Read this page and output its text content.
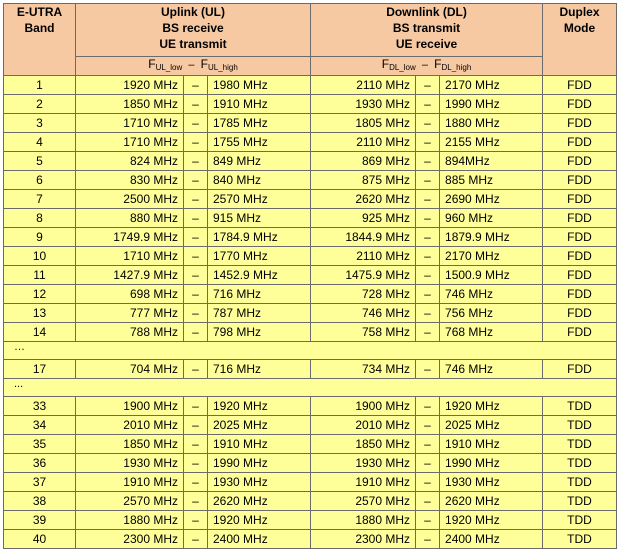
E-UTRA
Band	Uplink (UL)
BS receive
UE transmit			Downlink (DL)
BS transmit
UE receive			Duplex
Mode

	$F_{UL\_low} - F_{UL\_high}$			$F_{DL\_low} - F_{DL\_high}$
1	1920 MHz	–	1980 MHz	2110 MHz	–	2170 MHz	FDD
2	1850 MHz	–	1910 MHz	1930 MHz	–	1990 MHz	FDD
3	1710 MHz	–	1785 MHz	1805 MHz	–	1880 MHz	FDD
4	1710 MHz	–	1755 MHz	2110 MHz	–	2155 MHz	FDD
5	824 MHz	–	849 MHz	869 MHz	–	894MHz	FDD
6	830 MHz	–	840 MHz	875 MHz	–	885 MHz	FDD
7	2500 MHz	–	2570 MHz	2620 MHz	–	2690 MHz	FDD
8	880 MHz	–	915 MHz	925 MHz	–	960 MHz	FDD
9	1749.9 MHz	–	1784.9 MHz	1844.9 MHz	–	1879.9 MHz	FDD
10	1710 MHz	–	1770 MHz	2110 MHz	–	2170 MHz	FDD
11	1427.9 MHz	–	1452.9 MHz	1475.9 MHz	–	1500.9 MHz	FDD
12	698 MHz	–	716 MHz	728 MHz	–	746 MHz	FDD
13	777 MHz	–	787 MHz	746 MHz	–	756 MHz	FDD
14	788 MHz	–	798 MHz	758 MHz	–	768 MHz	FDD
…							
17	704 MHz	–	716 MHz	734 MHz	–	746 MHz	FDD
...							
33	1900 MHz	–	1920 MHz	1900 MHz	–	1920 MHz	TDD
34	2010 MHz	–	2025 MHz	2010 MHz	–	2025 MHz	TDD
35	1850 MHz	–	1910 MHz	1850 MHz	–	1910 MHz	TDD
36	1930 MHz	–	1990 MHz	1930 MHz	–	1990 MHz	TDD
37	1910 MHz	–	1930 MHz	1910 MHz	–	1930 MHz	TDD
38	2570 MHz	–	2620 MHz	2570 MHz	–	2620 MHz	TDD
39	1880 MHz	–	1920 MHz	1880 MHz	–	1920 MHz	TDD
40	2300 MHz	–	2400 MHz	2300 MHz	–	2400 MHz	TDD
